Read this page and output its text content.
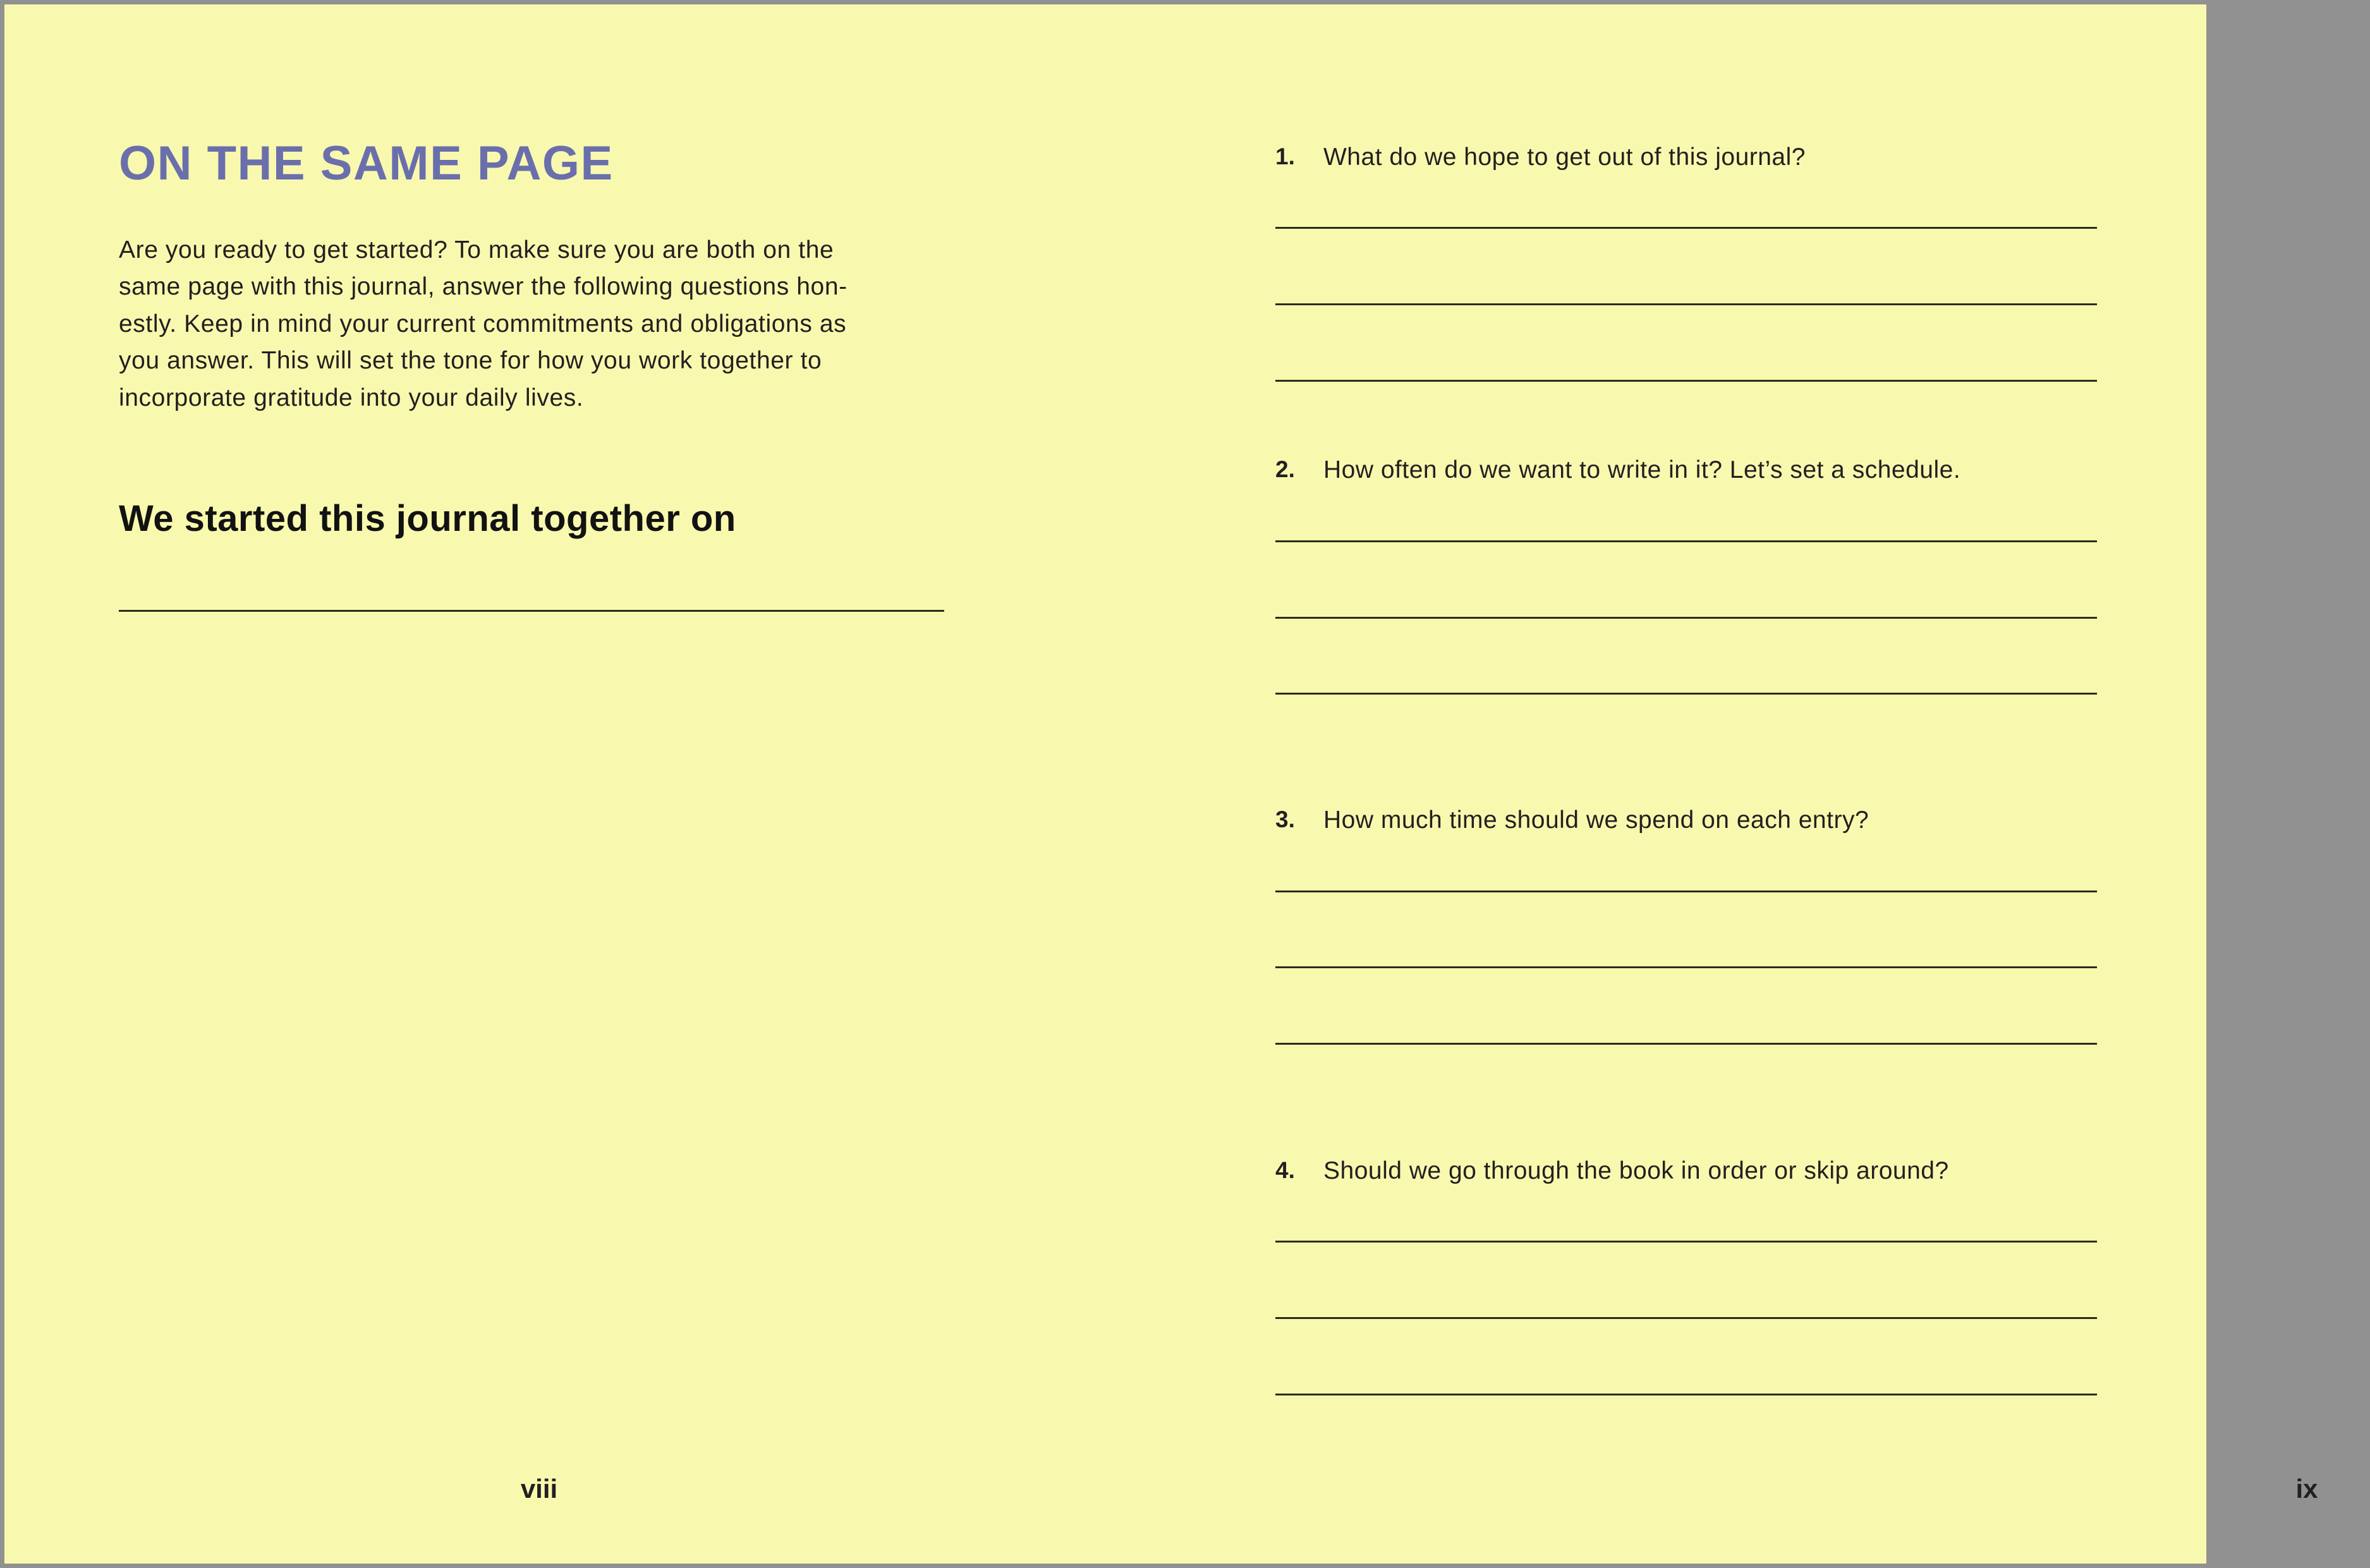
ON THE SAME PAGE

Are you ready to get started? To make sure you are both on the
same page with this journal, answer the following questions hon-
estly. Keep in mind your current commitments and obligations as
you answer. This will set the tone for how you work together to
incorporate gratitude into your daily lives.

We started this journal together on
viii
1. What do we hope to get out of this journal?
2. How often do we want to write in it? Let’s set a schedule.
3. How much time should we spend on each entry?
4. Should we go through the book in order or skip around?
ix
